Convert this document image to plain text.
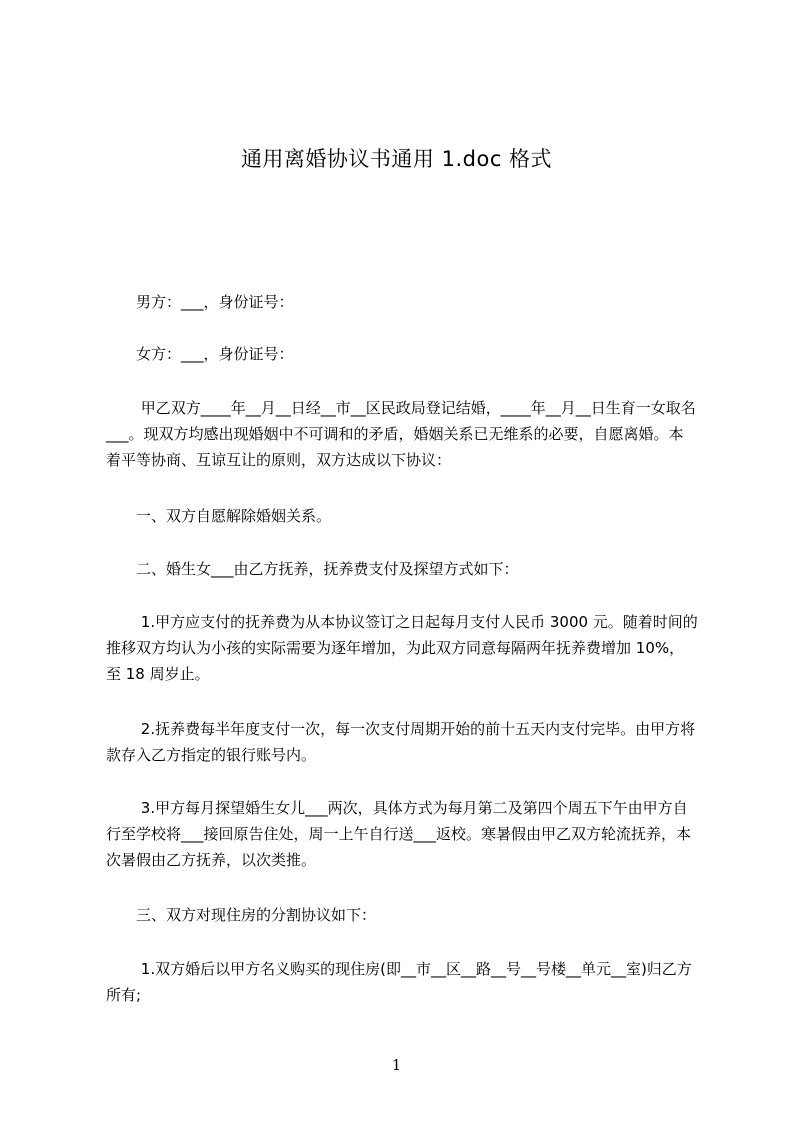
通用离婚协议书通用 1.doc 格式
男方：___，身份证号：
女方：___，身份证号：
甲乙双方____年__月__日经__市__区民政局登记结婚，____年__月__日生育一女取名___。现双方均感出现婚姻中不可调和的矛盾，婚姻关系已无维系的必要，自愿离婚。本着平等协商、互谅互让的原则，双方达成以下协议：
一、双方自愿解除婚姻关系。
二、婚生女___由乙方抚养，抚养费支付及探望方式如下：
1.甲方应支付的抚养费为从本协议签订之日起每月支付人民币 3000 元。随着时间的推移双方均认为小孩的实际需要为逐年增加，为此双方同意每隔两年抚养费增加 10%，至 18 周岁止。
2.抚养费每半年度支付一次，每一次支付周期开始的前十五天内支付完毕。由甲方将款存入乙方指定的银行账号内。
3.甲方每月探望婚生女儿___两次，具体方式为每月第二及第四个周五下午由甲方自行至学校将___接回原告住处，周一上午自行送___返校。寒暑假由甲乙双方轮流抚养，本次暑假由乙方抚养，以次类推。
三、双方对现住房的分割协议如下：
1.双方婚后以甲方名义购买的现住房(即__市__区__路__号__号楼__单元__室)归乙方所有;
1
